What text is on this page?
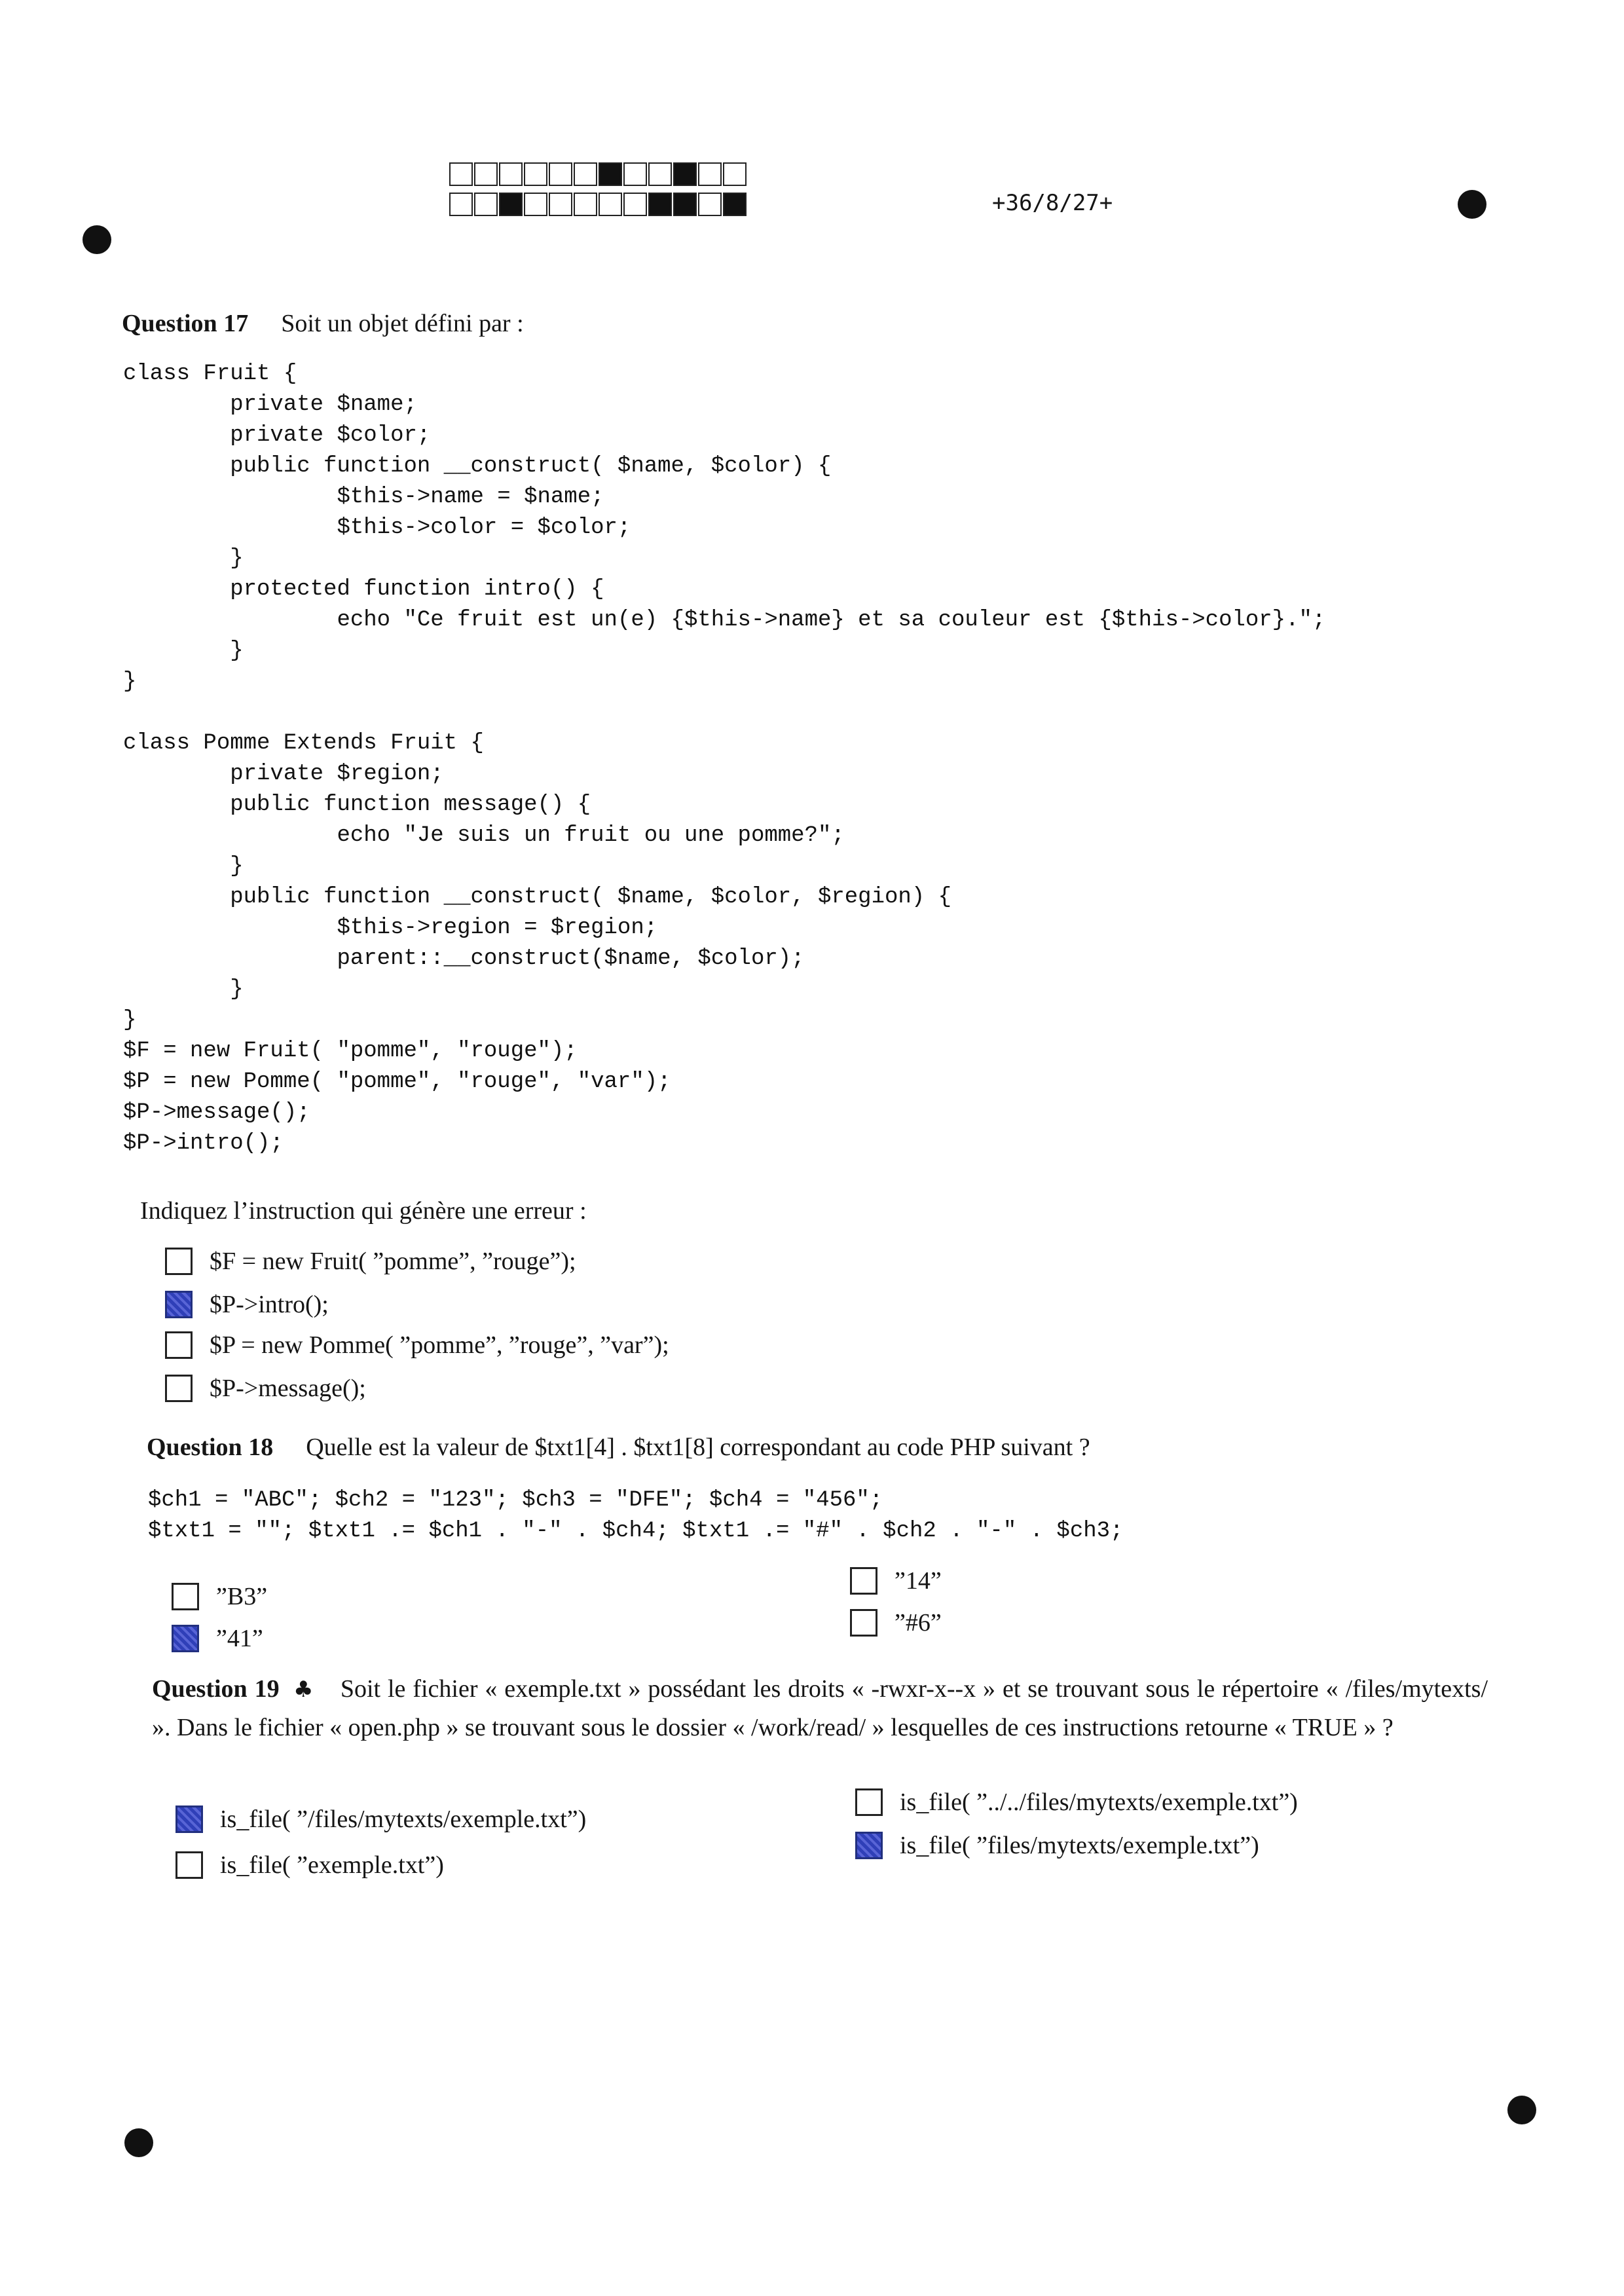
+36/8/27+
Question 17 Soit un objet défini par :
class Fruit {
private $name;
private $color;
public function __construct( $name, $color) {
$this->name = $name;
$this->color = $color;
}
protected function intro() {
echo "Ce fruit est un(e) {$this->name} et sa couleur est {$this->color}.";
}
}

class Pomme Extends Fruit {
private $region;
public function message() {
echo "Je suis un fruit ou une pomme?";
}
public function __construct( $name, $color, $region) {
$this->region = $region;
parent::__construct($name, $color);
}
}
$F = new Fruit( "pomme", "rouge");
$P = new Pomme( "pomme", "rouge", "var");
$P->message();
$P->intro();
Indiquez l’instruction qui génère une erreur :
$F = new Fruit( ”pomme”, ”rouge”);
$P->intro();
$P = new Pomme( ”pomme”, ”rouge”, ”var”);
$P->message();
Question 18 Quelle est la valeur de $txt1[4] . $txt1[8] correspondant au code PHP suivant ?
$ch1 = "ABC"; $ch2 = "123"; $ch3 = "DFE"; $ch4 = "456";
$txt1 = ""; $txt1 .= $ch1 . "-" . $ch4; $txt1 .= "#" . $ch2 . "-" . $ch3;
”B3”
”41”
”14”
”#6”
Question 19 ♣ Soit le fichier « exemple.txt » possédant les droits « -rwxr-x--x » et se trouvant sous le répertoire « /files/mytexts/ ». Dans le fichier « open.php » se trouvant sous le dossier « /work/read/ » lesquelles de ces instructions retourne « TRUE » ?
is_file( ”/files/mytexts/exemple.txt”)
is_file( ”exemple.txt”)
is_file( ”../../files/mytexts/exemple.txt”)
is_file( ”files/mytexts/exemple.txt”)
